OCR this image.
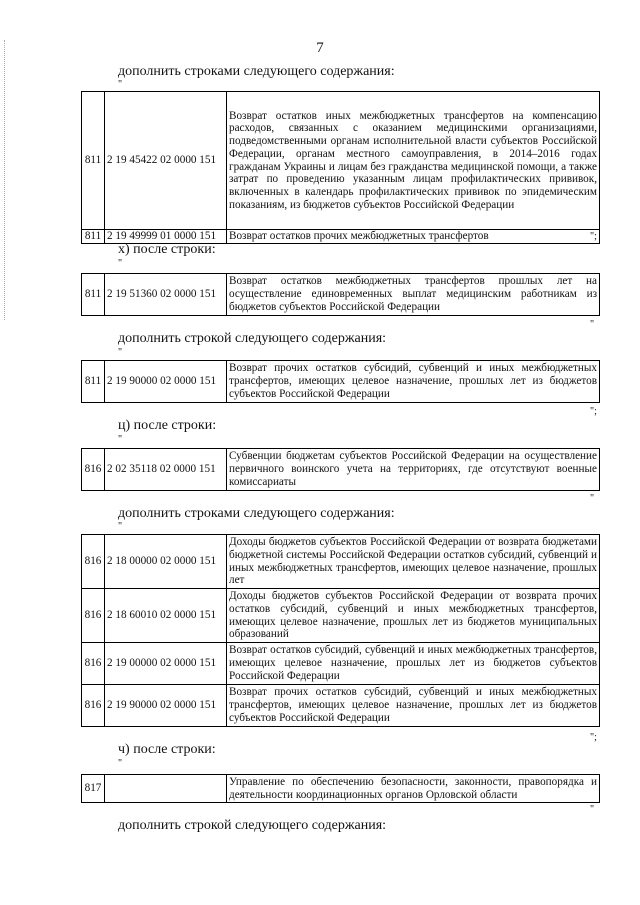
7
дополнить строками следующего содержания:
"
811	2 19 45422 02 0000 151	Возврат остатков иных межбюджетных трансфертов на компенсацию расходов, связанных с оказанием медицинскими организациями, подведомственными органам исполнительной власти субъектов Российской Федерации, органам местного самоуправления, в 2014–2016 годах гражданам Украины и лицам без гражданства медицинской помощи, а также затрат по проведению указанным лицам профилактических прививок, включенных в календарь профилактических прививок по эпидемическим показаниям, из бюджетов субъектов Российской Федерации
811	2 19 49999 01 0000 151	Возврат остатков прочих межбюджетных трансфертов	";
х) после строки:
"
811	2 19 51360 02 0000 151	Возврат остатков межбюджетных трансфертов прошлых лет на осуществление единовременных выплат медицинским работникам из бюджетов субъектов Российской Федерации
"
дополнить строкой следующего содержания:
"
811	2 19 90000 02 0000 151	Возврат прочих остатков субсидий, субвенций и иных межбюджетных трансфертов, имеющих целевое назначение, прошлых лет из бюджетов субъектов Российской Федерации
";
ц) после строки:
"
816	2 02 35118 02 0000 151	Субвенции бюджетам субъектов Российской Федерации на осуществление первичного воинского учета на территориях, где отсутствуют военные комиссариаты
"
дополнить строками следующего содержания:
"
816	2 18 00000 02 0000 151	Доходы бюджетов субъектов Российской Федерации от возврата бюджетами бюджетной системы Российской Федерации остатков субсидий, субвенций и иных межбюджетных трансфертов, имеющих целевое назначение, прошлых лет
816	2 18 60010 02 0000 151	Доходы бюджетов субъектов Российской Федерации от возврата прочих остатков субсидий, субвенций и иных межбюджетных трансфертов, имеющих целевое назначение, прошлых лет из бюджетов муниципальных образований
816	2 19 00000 02 0000 151	Возврат остатков субсидий, субвенций и иных межбюджетных трансфертов, имеющих целевое назначение, прошлых лет из бюджетов субъектов Российской Федерации
816	2 19 90000 02 0000 151	Возврат прочих остатков субсидий, субвенций и иных межбюджетных трансфертов, имеющих целевое назначение, прошлых лет из бюджетов субъектов Российской Федерации
";
ч) после строки:
"
817		Управление по обеспечению безопасности, законности, правопорядка и деятельности координационных органов Орловской области
"
дополнить строкой следующего содержания:
